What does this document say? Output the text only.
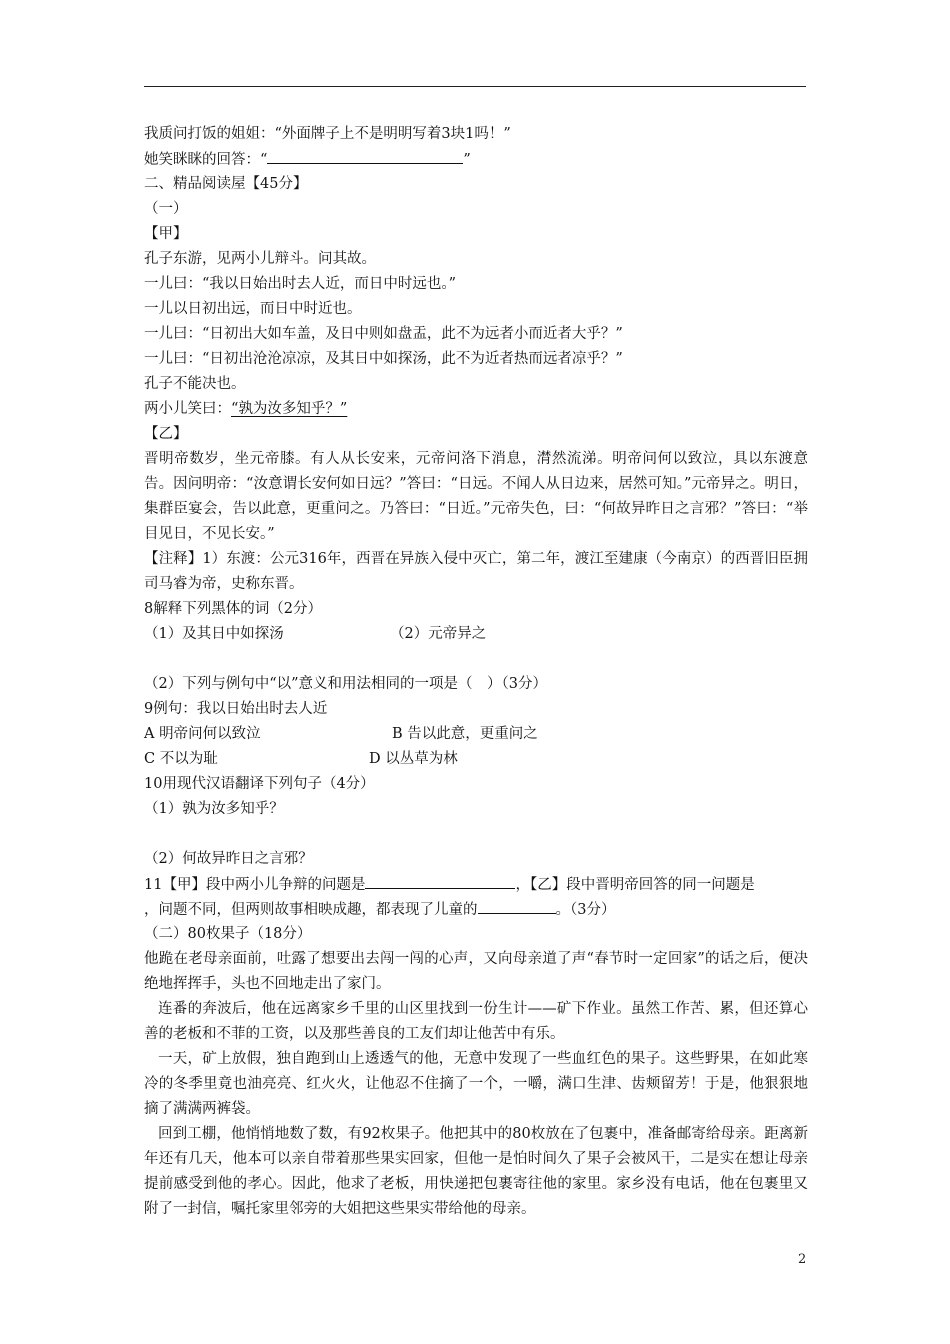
我质问打饭的姐姐：“外面牌子上不是明明写着3块1吗！”
她笑眯眯的回答：“	”
二、精品阅读屋【45分】
（一）
【甲】
孔子东游，见两小儿辩斗。问其故。
一儿曰：“我以日始出时去人近，而日中时远也。”
一儿以日初出远，而日中时近也。
一儿曰：“日初出大如车盖，及日中则如盘盂，此不为远者小而近者大乎？”
一儿曰：“日初出沧沧凉凉，及其日中如探汤，此不为近者热而远者凉乎？”
孔子不能决也。
两小儿笑曰：“孰为汝多知乎？”
【乙】
晋明帝数岁，坐元帝膝。有人从长安来，元帝问洛下消息，潸然流涕。明帝问何以致泣，具以东渡意告。因问明帝：“汝意谓长安何如日远？”答曰：“日远。不闻人从日边来，居然可知。”元帝异之。明日，集群臣宴会，告以此意，更重问之。乃答曰：“日近。”元帝失色，曰：“何故异昨日之言邪？”答曰：“举目见日，不见长安。”
【注释】1）东渡：公元316年，西晋在异族入侵中灭亡，第二年，渡江至建康（今南京）的西晋旧臣拥司马睿为帝，史称东晋。
8解释下列黑体的词（2分）
（1）及其日中如探汤	（2）元帝异之
（2）下列与例句中“以”意义和用法相同的一项是（　）（3分）
9例句：我以日始出时去人近
A 明帝问何以致泣	B 告以此意，更重问之
C 不以为耻	D 以丛草为林
10用现代汉语翻译下列句子（4分）
（1）孰为汝多知乎？
（2）何故异昨日之言邪？
11【甲】段中两小儿争辩的问题是	，【乙】段中晋明帝回答的同一问题是
，问题不同，但两则故事相映成趣，都表现了儿童的	。（3分）
（二）80枚果子（18分）
他跪在老母亲面前，吐露了想要出去闯一闯的心声，又向母亲道了声“春节时一定回家”的话之后，便决绝地挥挥手，头也不回地走出了家门。
连番的奔波后，他在远离家乡千里的山区里找到一份生计——矿下作业。虽然工作苦、累，但还算心善的老板和不菲的工资，以及那些善良的工友们却让他苦中有乐。
一天，矿上放假，独自跑到山上透透气的他，无意中发现了一些血红色的果子。这些野果，在如此寒冷的冬季里竟也油亮亮、红火火，让他忍不住摘了一个，一嚼，满口生津、齿颊留芳！于是，他狠狠地摘了满满两裤袋。
回到工棚，他悄悄地数了数，有92枚果子。他把其中的80枚放在了包裹中，准备邮寄给母亲。距离新年还有几天，他本可以亲自带着那些果实回家，但他一是怕时间久了果子会被风干，二是实在想让母亲提前感受到他的孝心。因此，他求了老板，用快递把包裹寄往他的家里。家乡没有电话，他在包裹里又附了一封信，嘱托家里邻旁的大姐把这些果实带给他的母亲。
2
